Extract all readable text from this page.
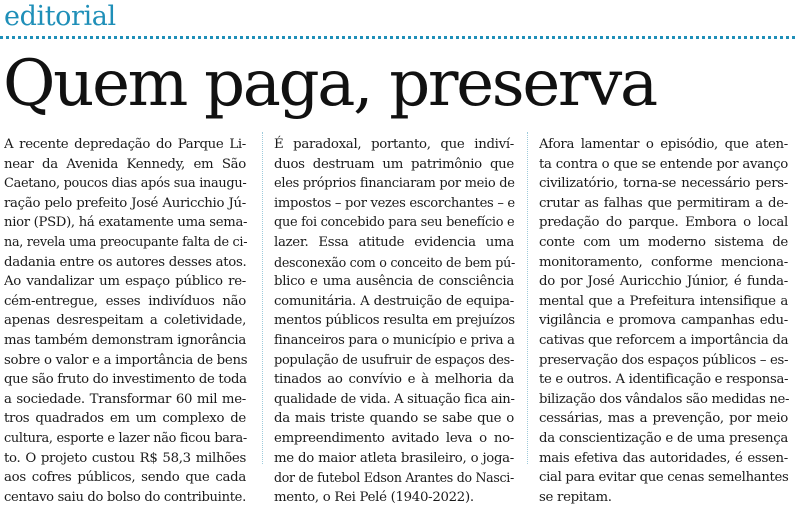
editorial
Quem paga, preserva
A recente depredação do Parque Li-
near da Avenida Kennedy, em São
Caetano, poucos dias após sua inaugu-
ração pelo prefeito José Auricchio Jú-
nior (PSD), há exatamente uma sema-
na, revela uma preocupante falta de ci-
dadania entre os autores desses atos.
Ao vandalizar um espaço público re-
cém-entregue, esses indivíduos não
apenas desrespeitam a coletividade,
mas também demonstram ignorância
sobre o valor e a importância de bens
que são fruto do investimento de toda
a sociedade. Transformar 60 mil me-
tros quadrados em um complexo de
cultura, esporte e lazer não ficou bara-
to. O projeto custou R$ 58,3 milhões
aos cofres públicos, sendo que cada
centavo saiu do bolso do contribuinte.
É paradoxal, portanto, que indiví-
duos destruam um patrimônio que
eles próprios financiaram por meio de
impostos – por vezes escorchantes – e
que foi concebido para seu benefício e
lazer. Essa atitude evidencia uma
desconexão com o conceito de bem pú-
blico e uma ausência de consciência
comunitária. A destruição de equipa-
mentos públicos resulta em prejuízos
financeiros para o município e priva a
população de usufruir de espaços des-
tinados ao convívio e à melhoria da
qualidade de vida. A situação fica ain-
da mais triste quando se sabe que o
empreendimento avitado leva o no-
me do maior atleta brasileiro, o joga-
dor de futebol Edson Arantes do Nasci-
mento, o Rei Pelé (1940-2022).
Afora lamentar o episódio, que aten-
ta contra o que se entende por avanço
civilizatório, torna-se necessário pers-
crutar as falhas que permitiram a de-
predação do parque. Embora o local
conte com um moderno sistema de
monitoramento, conforme menciona-
do por José Auricchio Júnior, é funda-
mental que a Prefeitura intensifique a
vigilância e promova campanhas edu-
cativas que reforcem a importância da
preservação dos espaços públicos – es-
te e outros. A identificação e responsa-
bilização dos vândalos são medidas ne-
cessárias, mas a prevenção, por meio
da conscientização e de uma presença
mais efetiva das autoridades, é essen-
cial para evitar que cenas semelhantes
se repitam.
